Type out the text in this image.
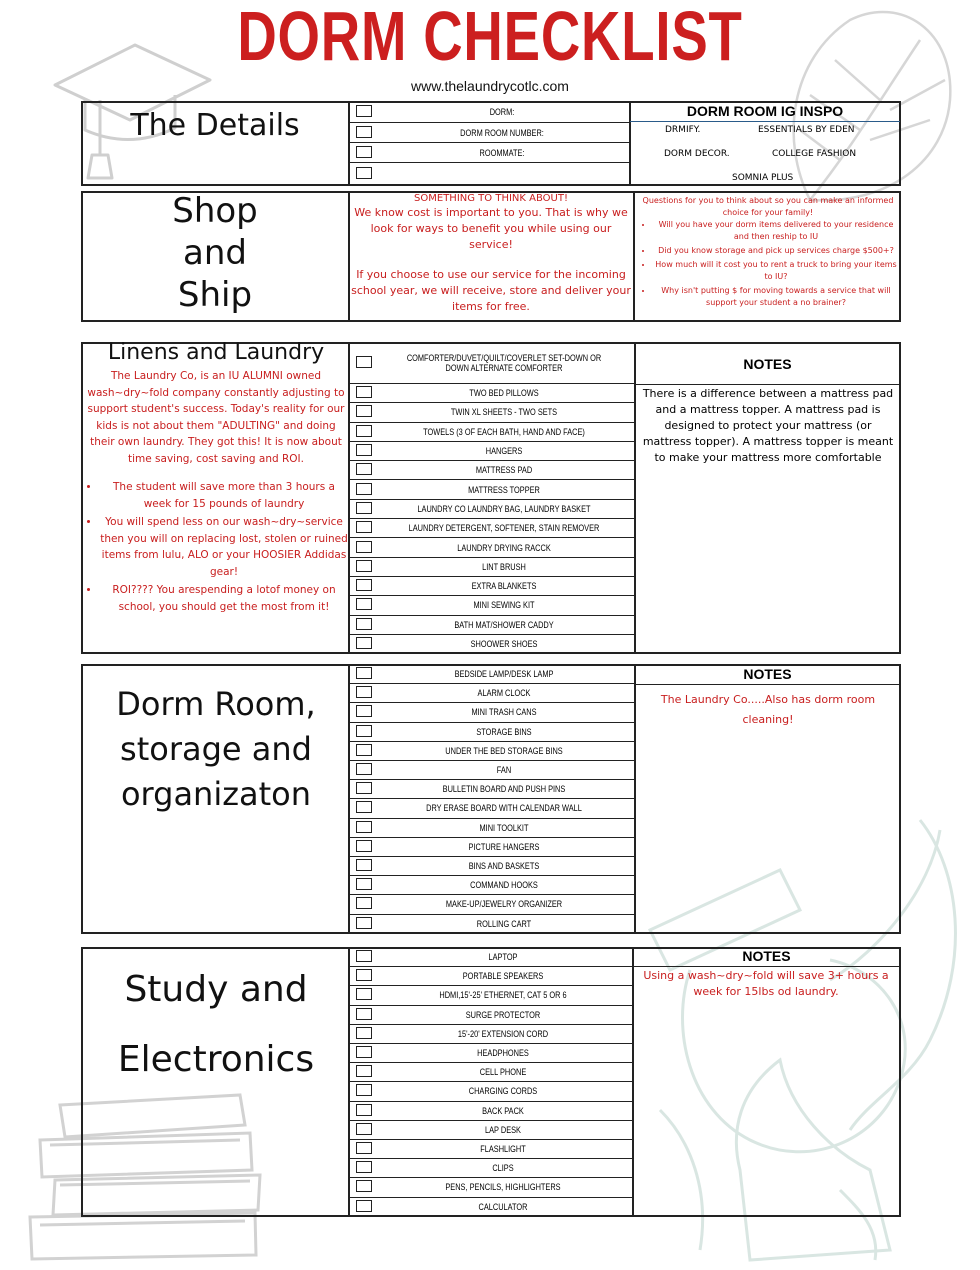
DORM CHECKLIST
www.thelaundrycotlc.com
The Details	DORM:
DORM ROOM NUMBER:
ROOMMATE:
DORM ROOM IG INSPO
DRMIFY.	ESSENTIALS BY EDEN
DORM DECOR.	COLLEGE FASHION
SOMNIA PLUS
Shop
and
Ship
SOMETHING TO THINK ABOUT!
We know cost is important to you. That is why we look for ways to benefit you while using our service!
If you choose to use our service for the incoming school year, we will receive, store and deliver your items for free.
Questions for you to think about so you can make an informed choice for your family!
• Will you have your dorm items delivered to your residence and then reship to IU
• Did you know storage and pick up services charge $500+?
• How much will it cost you to rent a truck to bring your items to IU?
• Why isn't putting $ for moving towards a service that will support your student a no brainer?
Linens and Laundry
The Laundry Co, is an IU ALUMNI owned wash~dry~fold company constantly adjusting to support student's success. Today's reality for our kids is not about them "ADULTING" and doing their own laundry. They got this! It is now about time saving, cost saving and ROI.
• The student will save more than 3 hours a week for 15 pounds of laundry
• You will spend less on our wash~dry~service then you will on replacing lost, stolen or ruined items from lulu, ALO or your HOOSIER Addidas gear!
• ROI???? You arespending a lotof money on school, you should get the most from it!
COMFORTER/DUVET/QUILT/COVERLET SET-DOWN OR DOWN ALTERNATE COMFORTER
TWO BED PILLOWS
TWIN XL SHEETS - TWO SETS
TOWELS (3 OF EACH BATH, HAND AND FACE)
HANGERS
MATTRESS PAD
MATTRESS TOPPER
LAUNDRY CO LAUNDRY BAG, LAUNDRY BASKET
LAUNDRY DETERGENT, SOFTENER, STAIN REMOVER
LAUNDRY DRYING RACCK
LINT BRUSH
EXTRA BLANKETS
MINI SEWING KIT
BATH MAT/SHOWER CADDY
SHOOWER SHOES
NOTES
There is a difference between a mattress pad and a mattress topper. A mattress pad is designed to protect your mattress (or mattress topper). A mattress topper is meant to make your mattress more comfortable
Dorm Room,
storage and
organizaton
BEDSIDE LAMP/DESK LAMP
ALARM CLOCK
MINI TRASH CANS
STORAGE BINS
UNDER THE BED STORAGE BINS
FAN
BULLETIN BOARD AND PUSH PINS
DRY ERASE BOARD WITH CALENDAR WALL
MINI TOOLKIT
PICTURE HANGERS
BINS AND BASKETS
COMMAND HOOKS
MAKE-UP/JEWELRY ORGANIZER
ROLLING CART
NOTES
The Laundry Co.....Also has dorm room cleaning!
Study and
Electronics
LAPTOP
PORTABLE SPEAKERS
HDMI,15'-25' ETHERNET, CAT 5 OR 6
SURGE PROTECTOR
15'-20' EXTENSION CORD
HEADPHONES
CELL PHONE
CHARGING CORDS
BACK PACK
LAP DESK
FLASHLIGHT
CLIPS
PENS, PENCILS, HIGHLIGHTERS
CALCULATOR
NOTES
Using a wash~dry~fold will save 3+ hours a week for 15lbs od laundry.
